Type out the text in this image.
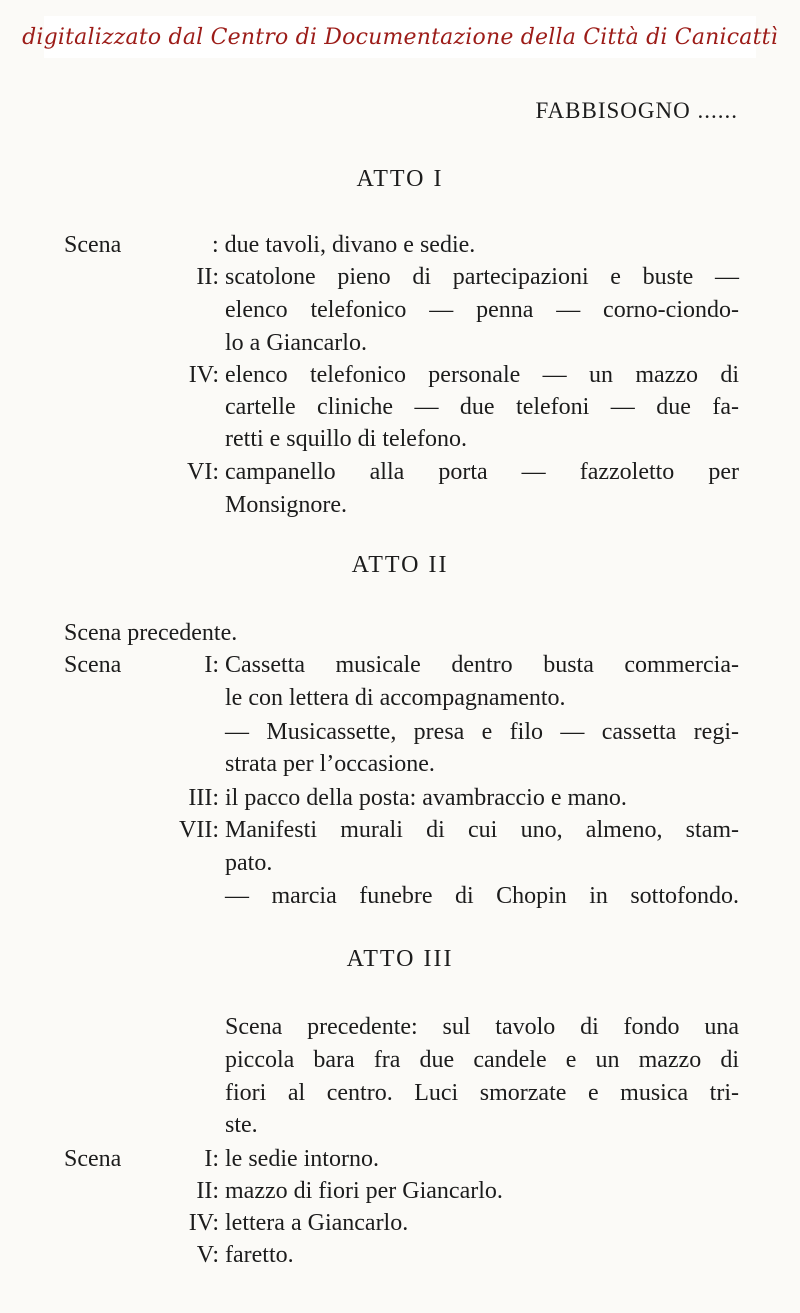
digitalizzato dal Centro di Documentazione della Città di Canicattì
FABBISOGNO ......
ATTO I
Scena	: due tavoli, divano e sedie.
II: scatolone pieno di partecipazioni e buste —
elenco telefonico — penna — corno-ciondo-
lo a Giancarlo.
IV: elenco telefonico personale — un mazzo di
cartelle cliniche — due telefoni — due fa-
retti e squillo di telefono.
VI: campanello alla porta — fazzoletto per
Monsignore.
ATTO II
Scena precedente.
Scena	I: Cassetta musicale dentro busta commercia-
le con lettera di accompagnamento.
— Musicassette, presa e filo — cassetta regi-
strata per l’occasione.
III: il pacco della posta: avambraccio e mano.
VII: Manifesti murali di cui uno, almeno, stam-
pato.
— marcia funebre di Chopin in sottofondo.
ATTO III
Scena precedente: sul tavolo di fondo una
piccola bara fra due candele e un mazzo di
fiori al centro. Luci smorzate e musica tri-
ste.
Scena	I: le sedie intorno.
II: mazzo di fiori per Giancarlo.
IV: lettera a Giancarlo.
V: faretto.
